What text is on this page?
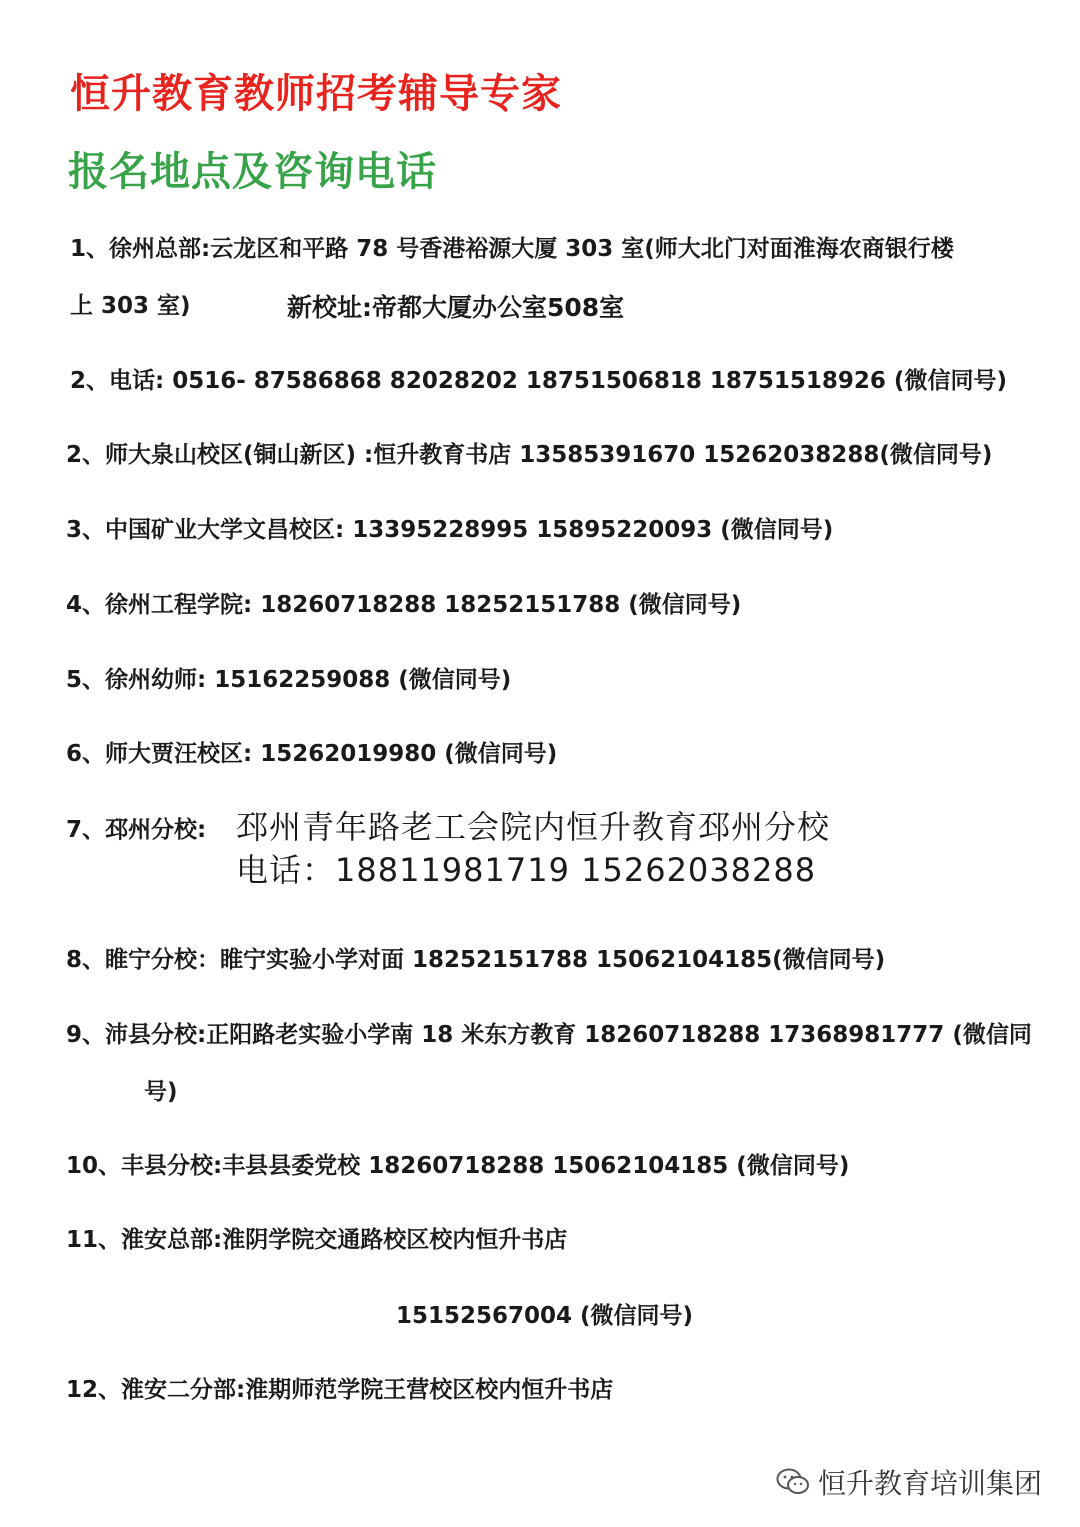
恒升教育教师招考辅导专家
报名地点及咨询电话
1、徐州总部:云龙区和平路 78 号香港裕源大厦 303 室(师大北门对面淮海农商银行楼
上 303 室)	新校址:帝都大厦办公室508室
2、电话: 0516- 87586868 82028202 18751506818 18751518926 (微信同号)
2、师大泉山校区(铜山新区) :恒升教育书店 13585391670 15262038288(微信同号)
3、中国矿业大学文昌校区: 13395228995 15895220093 (微信同号)
4、徐州工程学院: 18260718288 18252151788 (微信同号)
5、徐州幼师: 15162259088 (微信同号)
6、师大贾汪校区: 15262019980 (微信同号)
7、邳州分校: 邳州青年路老工会院内恒升教育邳州分校
电话：18811981719 15262038288
8、睢宁分校：睢宁实验小学对面 18252151788 15062104185(微信同号)
9、沛县分校:正阳路老实验小学南 18 米东方教育 18260718288 17368981777 (微信同
号)
10、丰县分校:丰县县委党校 18260718288 15062104185 (微信同号)
11、淮安总部:淮阴学院交通路校区校内恒升书店
15152567004 (微信同号)
12、淮安二分部:淮期师范学院王营校区校内恒升书店
恒升教育培训集团
